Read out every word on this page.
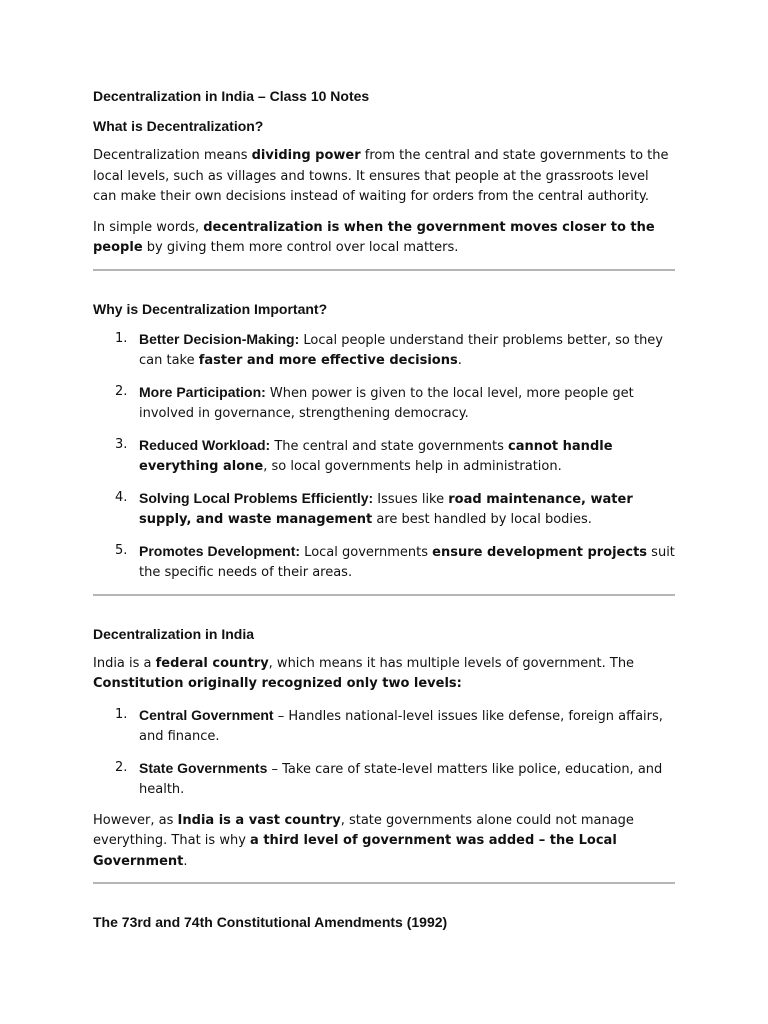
Decentralization in India – Class 10 Notes
What is Decentralization?

Decentralization means dividing power from the central and state governments to the local levels, such as villages and towns. It ensures that people at the grassroots level can make their own decisions instead of waiting for orders from the central authority.

In simple words, decentralization is when the government moves closer to the people by giving them more control over local matters.

Why is Decentralization Important?
1. Better Decision-Making: Local people understand their problems better, so they can take faster and more effective decisions.
2. More Participation: When power is given to the local level, more people get involved in governance, strengthening democracy.
3. Reduced Workload: The central and state governments cannot handle everything alone, so local governments help in administration.
4. Solving Local Problems Efficiently: Issues like road maintenance, water supply, and waste management are best handled by local bodies.
5. Promotes Development: Local governments ensure development projects suit the specific needs of their areas.
Decentralization in India

India is a federal country, which means it has multiple levels of government. The Constitution originally recognized only two levels:

1. Central Government – Handles national-level issues like defense, foreign affairs, and finance.
2. State Governments – Take care of state-level matters like police, education, and health.

However, as India is a vast country, state governments alone could not manage everything. That is why a third level of government was added – the Local Government.

The 73rd and 74th Constitutional Amendments (1992)
